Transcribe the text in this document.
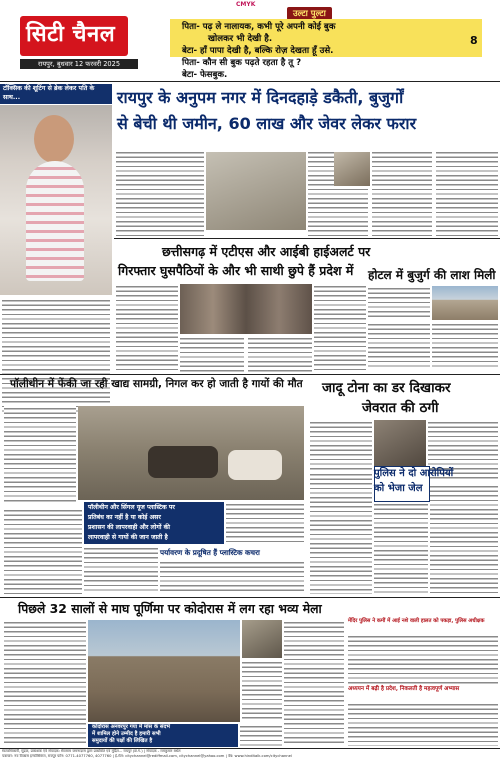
CMYK
सिटी चैनल
रायपुर, बुधवार 12 फरवरी 2025
उल्टा पुल्टा
पिता- पढ़ ले नालायक, कभी पूरे अपनी कोई बुक
खोलकर भी देखी है.
बेटा- हाँ पापा देखी है, बल्कि रोज़ देखता हूँ उसे.
पिता- कौन सी बुक पढ़ते रहता है तू ?
बेटा- फेसबुक.
8
टॉक्सिक की शूटिंग से ब्रेक लेकर पति के साथ...	रायपुर के अनुपम नगर में दिनदहाड़े डकैती, बुजुर्गों
से बेची थी जमीन, 60 लाख और जेवर लेकर फरार
छत्तीसगढ़ में एटीएस और आईबी हाईअलर्ट पर
गिरफ्तार घुसपैठियों के और भी साथी छुपे हैं प्रदेश में होटल में बुजुर्ग की लाश मिली
पॉलीथीन में फेंकी जा रही खाद्य सामग्री, निगल कर हो जाती है गायों की मौत
पॉलीथीन और सिंगल यूज प्लास्टिक पर
प्रतिबंध का नहीं है या कोई असर
प्रशासन की लापरवाही और लोगों की
लापरवाही से गायों की जान जाती है
पर्यावरण के प्रदूषित हैं प्लास्टिक कचरा
जादू टोना का डर दिखाकर
जेवरात की ठगी
पुलिस ने दो आरोपियों
को भेजा जेल
पिछले 32 सालों से माघ पूर्णिमा पर कोदोरास में लग रहा भव्य मेला
कोदोरास अनवरपुर गया में मांस के संदर्भ
में शामिल होने उम्मीद है हमारी सभी
समुदायों की पक्षों की लिखित है
मेंदिर पुलिस ने कमीं में आई नशे वाली हालत को पकड़ा, पुलिस अधीक्षक
अध्ययन में बढ़ी है प्रदेश, निकलती है महत्वपूर्ण अभ्यास
स्वत्वाधिकारी, मुद्रक, प्रकाशक एवं संपादक: सेवाराम जमनादास द्वारा प्रकाशित एवं मुद्रित... रायपुर (छ.ग.) | संपादक - रामकुमार बधेल
पत्राचार: नव विकास इन्फोसिस्टम, रायपुर फोन: 0771-4077760, 4077760 | ई-मेल: citychannel@rediffmail.com, citychannel@yahoo.com | वेब: www.hinditalk.com/citychannel
